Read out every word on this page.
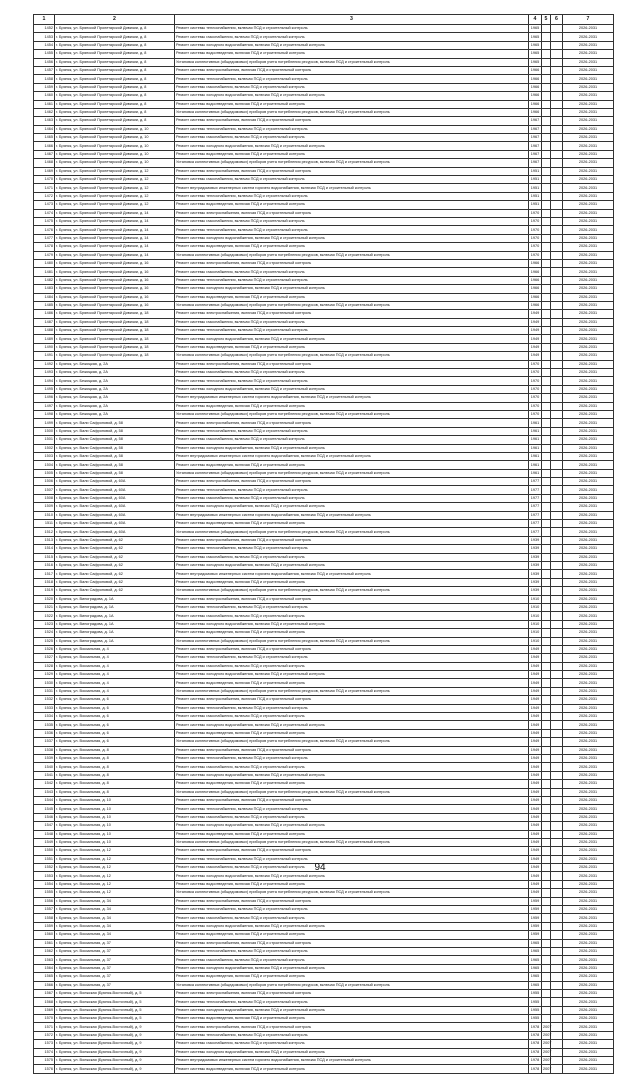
1	2	3	4	5	6	7
1452	г. Брянск, ул. Брянской Пролетарской Дивизии, д. 8	Ремонт системы теплоснабжения, включая ПСД и строительный контроль	1965			2026-2031
1453	г. Брянск, ул. Брянской Пролетарской Дивизии, д. 8	Ремонт системы газоснабжения, включая ПСД и строительный контроль	1965			2026-2031
1454	г. Брянск, ул. Брянской Пролетарской Дивизии, д. 8	Ремонт системы холодного водоснабжения, включая ПСД и строительный контроль	1965			2026-2031
1455	г. Брянск, ул. Брянской Пролетарской Дивизии, д. 8	Ремонт системы водоотведения, включая ПСД и строительный контроль	1965			2026-2031
1456	г. Брянск, ул. Брянской Пролетарской Дивизии, д. 8	Установка коллективных (общедомовых) приборов учета потребления ресурсов, включая ПСД и строительный контроль	1965			2026-2031
1457	г. Брянск, ул. Брянской Пролетарской Дивизии, д. 8	Ремонт системы электроснабжения, включая ПСД и строительный контроль	1966			2026-2031
1458	г. Брянск, ул. Брянской Пролетарской Дивизии, д. 8	Ремонт системы теплоснабжения, включая ПСД и строительный контроль	1966			2026-2031
1459	г. Брянск, ул. Брянской Пролетарской Дивизии, д. 8	Ремонт системы газоснабжения, включая ПСД и строительный контроль	1966			2026-2031
1460	г. Брянск, ул. Брянской Пролетарской Дивизии, д. 8	Ремонт системы холодного водоснабжения, включая ПСД и строительный контроль	1966			2026-2031
1461	г. Брянск, ул. Брянской Пролетарской Дивизии, д. 8	Ремонт системы водоотведения, включая ПСД и строительный контроль	1966			2026-2031
1462	г. Брянск, ул. Брянской Пролетарской Дивизии, д. 8	Установка коллективных (общедомовых) приборов учета потребления ресурсов, включая ПСД и строительный контроль	1966			2026-2031
1463	г. Брянск, ул. Брянской Пролетарской Дивизии, д. 8	Ремонт системы электроснабжения, включая ПСД и строительный контроль	1967			2026-2031
1464	г. Брянск, ул. Брянской Пролетарской Дивизии, д. 10	Ремонт системы теплоснабжения, включая ПСД и строительный контроль	1967			2026-2031
1465	г. Брянск, ул. Брянской Пролетарской Дивизии, д. 10	Ремонт системы газоснабжения, включая ПСД и строительный контроль	1967			2026-2031
1466	г. Брянск, ул. Брянской Пролетарской Дивизии, д. 10	Ремонт системы холодного водоснабжения, включая ПСД и строительный контроль	1967			2026-2031
1467	г. Брянск, ул. Брянской Пролетарской Дивизии, д. 10	Ремонт системы водоотведения, включая ПСД и строительный контроль	1967			2026-2031
1468	г. Брянск, ул. Брянской Пролетарской Дивизии, д. 10	Установка коллективных (общедомовых) приборов учета потребления ресурсов, включая ПСД и строительный контроль	1967			2026-2031
1469	г. Брянск, ул. Брянской Пролетарской Дивизии, д. 12	Ремонт системы электроснабжения, включая ПСД и строительный контроль	1951			2026-2031
1470	г. Брянск, ул. Брянской Пролетарской Дивизии, д. 12	Ремонт системы газоснабжения, включая ПСД и строительный контроль	1951			2026-2031
1471	г. Брянск, ул. Брянской Пролетарской Дивизии, д. 12	Ремонт внутридомовых инженерных систем горячего водоснабжения, включая ПСД и строительный контроль	1951			2026-2031
1472	г. Брянск, ул. Брянской Пролетарской Дивизии, д. 12	Ремонт системы теплоснабжения, включая ПСД и строительный контроль	1951			2026-2031
1473	г. Брянск, ул. Брянской Пролетарской Дивизии, д. 12	Ремонт системы водоотведения, включая ПСД и строительный контроль	1951			2026-2031
1474	г. Брянск, ул. Брянской Пролетарской Дивизии, д. 14	Ремонт системы электроснабжения, включая ПСД и строительный контроль	1970			2026-2031
1475	г. Брянск, ул. Брянской Пролетарской Дивизии, д. 14	Ремонт системы газоснабжения, включая ПСД и строительный контроль	1970			2026-2031
1476	г. Брянск, ул. Брянской Пролетарской Дивизии, д. 14	Ремонт системы теплоснабжения, включая ПСД и строительный контроль	1970			2026-2031
1477	г. Брянск, ул. Брянской Пролетарской Дивизии, д. 14	Ремонт системы холодного водоснабжения, включая ПСД и строительный контроль	1970			2026-2031
1478	г. Брянск, ул. Брянской Пролетарской Дивизии, д. 14	Ремонт системы водоотведения, включая ПСД и строительный контроль	1970			2026-2031
1479	г. Брянск, ул. Брянской Пролетарской Дивизии, д. 14	Установка коллективных (общедомовых) приборов учета потребления ресурсов, включая ПСД и строительный контроль	1970			2026-2031
1480	г. Брянск, ул. Брянской Пролетарской Дивизии, д. 16	Ремонт системы электроснабжения, включая ПСД и строительный контроль	1966			2026-2031
1481	г. Брянск, ул. Брянской Пролетарской Дивизии, д. 16	Ремонт системы газоснабжения, включая ПСД и строительный контроль	1966			2026-2031
1482	г. Брянск, ул. Брянской Пролетарской Дивизии, д. 16	Ремонт системы теплоснабжения, включая ПСД и строительный контроль	1966			2026-2031
1483	г. Брянск, ул. Брянской Пролетарской Дивизии, д. 16	Ремонт системы холодного водоснабжения, включая ПСД и строительный контроль	1966			2026-2031
1484	г. Брянск, ул. Брянской Пролетарской Дивизии, д. 16	Ремонт системы водоотведения, включая ПСД и строительный контроль	1966			2026-2031
1485	г. Брянск, ул. Брянской Пролетарской Дивизии, д. 16	Установка коллективных (общедомовых) приборов учета потребления ресурсов, включая ПСД и строительный контроль	1966			2026-2031
1486	г. Брянск, ул. Брянской Пролетарской Дивизии, д. 18	Ремонт системы электроснабжения, включая ПСД и строительный контроль	1949			2026-2031
1487	г. Брянск, ул. Брянской Пролетарской Дивизии, д. 18	Ремонт системы газоснабжения, включая ПСД и строительный контроль	1949			2026-2031
1488	г. Брянск, ул. Брянской Пролетарской Дивизии, д. 18	Ремонт системы теплоснабжения, включая ПСД и строительный контроль	1949			2026-2031
1489	г. Брянск, ул. Брянской Пролетарской Дивизии, д. 18	Ремонт системы холодного водоснабжения, включая ПСД и строительный контроль	1949			2026-2031
1490	г. Брянск, ул. Брянской Пролетарской Дивизии, д. 18	Ремонт системы водоотведения, включая ПСД и строительный контроль	1949			2026-2031
1491	г. Брянск, ул. Брянской Пролетарской Дивизии, д. 18	Установка коллективных (общедомовых) приборов учета потребления ресурсов, включая ПСД и строительный контроль	1949			2026-2031
1492	г. Брянск, ул. Бежицкая, д. 2А	Ремонт системы электроснабжения, включая ПСД и строительный контроль	1970			2026-2031
1493	г. Брянск, ул. Бежицкая, д. 2А	Ремонт системы газоснабжения, включая ПСД и строительный контроль	1970			2026-2031
1494	г. Брянск, ул. Бежицкая, д. 2А	Ремонт системы теплоснабжения, включая ПСД и строительный контроль	1970			2026-2031
1495	г. Брянск, ул. Бежицкая, д. 2А	Ремонт системы холодного водоснабжения, включая ПСД и строительный контроль	1970			2026-2031
1496	г. Брянск, ул. Бежицкая, д. 2А	Ремонт внутридомовых инженерных систем горячего водоснабжения, включая ПСД и строительный контроль	1970			2026-2031
1497	г. Брянск, ул. Бежицкая, д. 2А	Ремонт системы водоотведения, включая ПСД и строительный контроль	1970			2026-2031
1498	г. Брянск, ул. Бежицкая, д. 2А	Установка коллективных (общедомовых) приборов учета потребления ресурсов, включая ПСД и строительный контроль	1970			2026-2031
1499	г. Брянск, ул. Вали Сафроновой, д. 58	Ремонт системы электроснабжения, включая ПСД и строительный контроль	1961			2026-2031
1500	г. Брянск, ул. Вали Сафроновой, д. 58	Ремонт системы теплоснабжения, включая ПСД и строительный контроль	1961			2026-2031
1501	г. Брянск, ул. Вали Сафроновой, д. 58	Ремонт системы газоснабжения, включая ПСД и строительный контроль	1961			2026-2031
1502	г. Брянск, ул. Вали Сафроновой, д. 58	Ремонт системы холодного водоснабжения, включая ПСД и строительный контроль	1961			2026-2031
1503	г. Брянск, ул. Вали Сафроновой, д. 58	Ремонт внутридомовых инженерных систем горячего водоснабжения, включая ПСД и строительный контроль	1961			2026-2031
1504	г. Брянск, ул. Вали Сафроновой, д. 58	Ремонт системы водоотведения, включая ПСД и строительный контроль	1961			2026-2031
1505	г. Брянск, ул. Вали Сафроновой, д. 58	Установка коллективных (общедомовых) приборов учета потребления ресурсов, включая ПСД и строительный контроль	1961			2026-2031
1506	г. Брянск, ул. Вали Сафроновой, д. 60А	Ремонт системы электроснабжения, включая ПСД и строительный контроль	1977			2026-2031
1507	г. Брянск, ул. Вали Сафроновой, д. 60А	Ремонт системы теплоснабжения, включая ПСД и строительный контроль	1977			2026-2031
1508	г. Брянск, ул. Вали Сафроновой, д. 60А	Ремонт системы газоснабжения, включая ПСД и строительный контроль	1977			2026-2031
1509	г. Брянск, ул. Вали Сафроновой, д. 60А	Ремонт системы холодного водоснабжения, включая ПСД и строительный контроль	1977			2026-2031
1510	г. Брянск, ул. Вали Сафроновой, д. 60А	Ремонт внутридомовых инженерных систем горячего водоснабжения, включая ПСД и строительный контроль	1977			2026-2031
1511	г. Брянск, ул. Вали Сафроновой, д. 60А	Ремонт системы водоотведения, включая ПСД и строительный контроль	1977			2026-2031
1512	г. Брянск, ул. Вали Сафроновой, д. 60А	Установка коллективных (общедомовых) приборов учета потребления ресурсов, включая ПСД и строительный контроль	1977			2026-2031
1513	г. Брянск, ул. Вали Сафроновой, д. 62	Ремонт системы электроснабжения, включая ПСД и строительный контроль	1939			2026-2031
1514	г. Брянск, ул. Вали Сафроновой, д. 62	Ремонт системы теплоснабжения, включая ПСД и строительный контроль	1939			2026-2031
1515	г. Брянск, ул. Вали Сафроновой, д. 62	Ремонт системы газоснабжения, включая ПСД и строительный контроль	1939			2026-2031
1516	г. Брянск, ул. Вали Сафроновой, д. 62	Ремонт системы холодного водоснабжения, включая ПСД и строительный контроль	1939			2026-2031
1517	г. Брянск, ул. Вали Сафроновой, д. 62	Ремонт внутридомовых инженерных систем горячего водоснабжения, включая ПСД и строительный контроль	1939			2026-2031
1518	г. Брянск, ул. Вали Сафроновой, д. 62	Ремонт системы водоотведения, включая ПСД и строительный контроль	1939			2026-2031
1519	г. Брянск, ул. Вали Сафроновой, д. 62	Установка коллективных (общедомовых) приборов учета потребления ресурсов, включая ПСД и строительный контроль	1939			2026-2031
1520	г. Брянск, ул. Виноградова, д. 1А	Ремонт системы электроснабжения, включая ПСД и строительный контроль	1910			2026-2031
1521	г. Брянск, ул. Виноградова, д. 1А	Ремонт системы теплоснабжения, включая ПСД и строительный контроль	1910			2026-2031
1522	г. Брянск, ул. Виноградова, д. 1А	Ремонт системы газоснабжения, включая ПСД и строительный контроль	1910			2026-2031
1523	г. Брянск, ул. Виноградова, д. 1А	Ремонт системы холодного водоснабжения, включая ПСД и строительный контроль	1910			2026-2031
1524	г. Брянск, ул. Виноградова, д. 1А	Ремонт системы водоотведения, включая ПСД и строительный контроль	1910			2026-2031
1525	г. Брянск, ул. Виноградова, д. 1А	Установка коллективных (общедомовых) приборов учета потребления ресурсов, включая ПСД и строительный контроль	1910			2026-2031
1526	г. Брянск, ул. Вокзальная, д. 4	Ремонт системы электроснабжения, включая ПСД и строительный контроль	1949			2026-2031
1527	г. Брянск, ул. Вокзальная, д. 4	Ремонт системы теплоснабжения, включая ПСД и строительный контроль	1949			2026-2031
1528	г. Брянск, ул. Вокзальная, д. 4	Ремонт системы газоснабжения, включая ПСД и строительный контроль	1949			2026-2031
1529	г. Брянск, ул. Вокзальная, д. 4	Ремонт системы холодного водоснабжения, включая ПСД и строительный контроль	1949			2026-2031
1530	г. Брянск, ул. Вокзальная, д. 4	Ремонт системы водоотведения, включая ПСД и строительный контроль	1949			2026-2031
1531	г. Брянск, ул. Вокзальная, д. 4	Установка коллективных (общедомовых) приборов учета потребления ресурсов, включая ПСД и строительный контроль	1949			2026-2031
1532	г. Брянск, ул. Вокзальная, д. 6	Ремонт системы электроснабжения, включая ПСД и строительный контроль	1949			2026-2031
1533	г. Брянск, ул. Вокзальная, д. 6	Ремонт системы теплоснабжения, включая ПСД и строительный контроль	1949			2026-2031
1534	г. Брянск, ул. Вокзальная, д. 6	Ремонт системы газоснабжения, включая ПСД и строительный контроль	1949			2026-2031
1535	г. Брянск, ул. Вокзальная, д. 6	Ремонт системы холодного водоснабжения, включая ПСД и строительный контроль	1949			2026-2031
1536	г. Брянск, ул. Вокзальная, д. 6	Ремонт системы водоотведения, включая ПСД и строительный контроль	1949			2026-2031
1537	г. Брянск, ул. Вокзальная, д. 6	Установка коллективных (общедомовых) приборов учета потребления ресурсов, включая ПСД и строительный контроль	1949			2026-2031
1538	г. Брянск, ул. Вокзальная, д. 8	Ремонт системы электроснабжения, включая ПСД и строительный контроль	1949			2026-2031
1539	г. Брянск, ул. Вокзальная, д. 8	Ремонт системы теплоснабжения, включая ПСД и строительный контроль	1949			2026-2031
1540	г. Брянск, ул. Вокзальная, д. 8	Ремонт системы газоснабжения, включая ПСД и строительный контроль	1949			2026-2031
1541	г. Брянск, ул. Вокзальная, д. 8	Ремонт системы холодного водоснабжения, включая ПСД и строительный контроль	1949			2026-2031
1542	г. Брянск, ул. Вокзальная, д. 8	Ремонт системы водоотведения, включая ПСД и строительный контроль	1949			2026-2031
1543	г. Брянск, ул. Вокзальная, д. 8	Установка коллективных (общедомовых) приборов учета потребления ресурсов, включая ПСД и строительный контроль	1949			2026-2031
1544	г. Брянск, ул. Вокзальная, д. 10	Ремонт системы электроснабжения, включая ПСД и строительный контроль	1949			2026-2031
1545	г. Брянск, ул. Вокзальная, д. 10	Ремонт системы теплоснабжения, включая ПСД и строительный контроль	1949			2026-2031
1546	г. Брянск, ул. Вокзальная, д. 10	Ремонт системы газоснабжения, включая ПСД и строительный контроль	1949			2026-2031
1547	г. Брянск, ул. Вокзальная, д. 10	Ремонт системы холодного водоснабжения, включая ПСД и строительный контроль	1949			2026-2031
1548	г. Брянск, ул. Вокзальная, д. 10	Ремонт системы водоотведения, включая ПСД и строительный контроль	1949			2026-2031
1549	г. Брянск, ул. Вокзальная, д. 10	Установка коллективных (общедомовых) приборов учета потребления ресурсов, включая ПСД и строительный контроль	1949			2026-2031
1550	г. Брянск, ул. Вокзальная, д. 12	Ремонт системы электроснабжения, включая ПСД и строительный контроль	1949			2026-2031
1551	г. Брянск, ул. Вокзальная, д. 12	Ремонт системы теплоснабжения, включая ПСД и строительный контроль	1949			2026-2031
1552	г. Брянск, ул. Вокзальная, д. 12	Ремонт системы газоснабжения, включая ПСД и строительный контроль	1949			2026-2031
1553	г. Брянск, ул. Вокзальная, д. 12	Ремонт системы холодного водоснабжения, включая ПСД и строительный контроль	1949			2026-2031
1554	г. Брянск, ул. Вокзальная, д. 12	Ремонт системы водоотведения, включая ПСД и строительный контроль	1949			2026-2031
1555	г. Брянск, ул. Вокзальная, д. 12	Установка коллективных (общедомовых) приборов учета потребления ресурсов, включая ПСД и строительный контроль	1949			2026-2031
1556	г. Брянск, ул. Вокзальная, д. 34	Ремонт системы электроснабжения, включая ПСД и строительный контроль	1959			2026-2031
1557	г. Брянск, ул. Вокзальная, д. 34	Ремонт системы теплоснабжения, включая ПСД и строительный контроль	1959			2026-2031
1558	г. Брянск, ул. Вокзальная, д. 34	Ремонт системы газоснабжения, включая ПСД и строительный контроль	1959			2026-2031
1559	г. Брянск, ул. Вокзальная, д. 34	Ремонт системы холодного водоснабжения, включая ПСД и строительный контроль	1959			2026-2031
1560	г. Брянск, ул. Вокзальная, д. 34	Ремонт системы водоотведения, включая ПСД и строительный контроль	1959			2026-2031
1561	г. Брянск, ул. Вокзальная, д. 37	Ремонт системы электроснабжения, включая ПСД и строительный контроль	1965			2026-2031
1562	г. Брянск, ул. Вокзальная, д. 37	Ремонт системы теплоснабжения, включая ПСД и строительный контроль	1965			2026-2031
1563	г. Брянск, ул. Вокзальная, д. 37	Ремонт системы газоснабжения, включая ПСД и строительный контроль	1965			2026-2031
1564	г. Брянск, ул. Вокзальная, д. 37	Ремонт системы холодного водоснабжения, включая ПСД и строительный контроль	1965			2026-2031
1565	г. Брянск, ул. Вокзальная, д. 37	Ремонт системы водоотведения, включая ПСД и строительный контроль	1965			2026-2031
1566	г. Брянск, ул. Вокзальная, д. 37	Установка коллективных (общедомовых) приборов учета потребления ресурсов, включая ПСД и строительный контроль	1965			2026-2031
1567	г. Брянск, ул. Волжская (Брянск-Восточный), д. 5	Ремонт системы электроснабжения, включая ПСД и строительный контроль	1955			2026-2031
1568	г. Брянск, ул. Волжская (Брянск-Восточный), д. 5	Ремонт системы теплоснабжения, включая ПСД и строительный контроль	1955			2026-2031
1569	г. Брянск, ул. Волжская (Брянск-Восточный), д. 5	Ремонт системы холодного водоснабжения, включая ПСД и строительный контроль	1955			2026-2031
1570	г. Брянск, ул. Волжская (Брянск-Восточный), д. 5	Ремонт системы водоотведения, включая ПСД и строительный контроль	1955			2026-2031
1571	г. Брянск, ул. Волжская (Брянск-Восточный), д. 9	Ремонт системы электроснабжения, включая ПСД и строительный контроль	1978	2007		2026-2031
1572	г. Брянск, ул. Волжская (Брянск-Восточный), д. 9	Ремонт системы теплоснабжения, включая ПСД и строительный контроль	1978	2007		2026-2031
1573	г. Брянск, ул. Волжская (Брянск-Восточный), д. 9	Ремонт системы газоснабжения, включая ПСД и строительный контроль	1978	2007		2026-2031
1574	г. Брянск, ул. Волжская (Брянск-Восточный), д. 9	Ремонт системы холодного водоснабжения, включая ПСД и строительный контроль	1978	2007		2026-2031
1575	г. Брянск, ул. Волжская (Брянск-Восточный), д. 9	Ремонт внутридомовых инженерных систем горячего водоснабжения, включая ПСД и строительный контроль	1978	2007		2026-2031
1576	г. Брянск, ул. Волжская (Брянск-Восточный), д. 9	Ремонт системы водоотведения, включая ПСД и строительный контроль	1978	2007		2026-2031
94
